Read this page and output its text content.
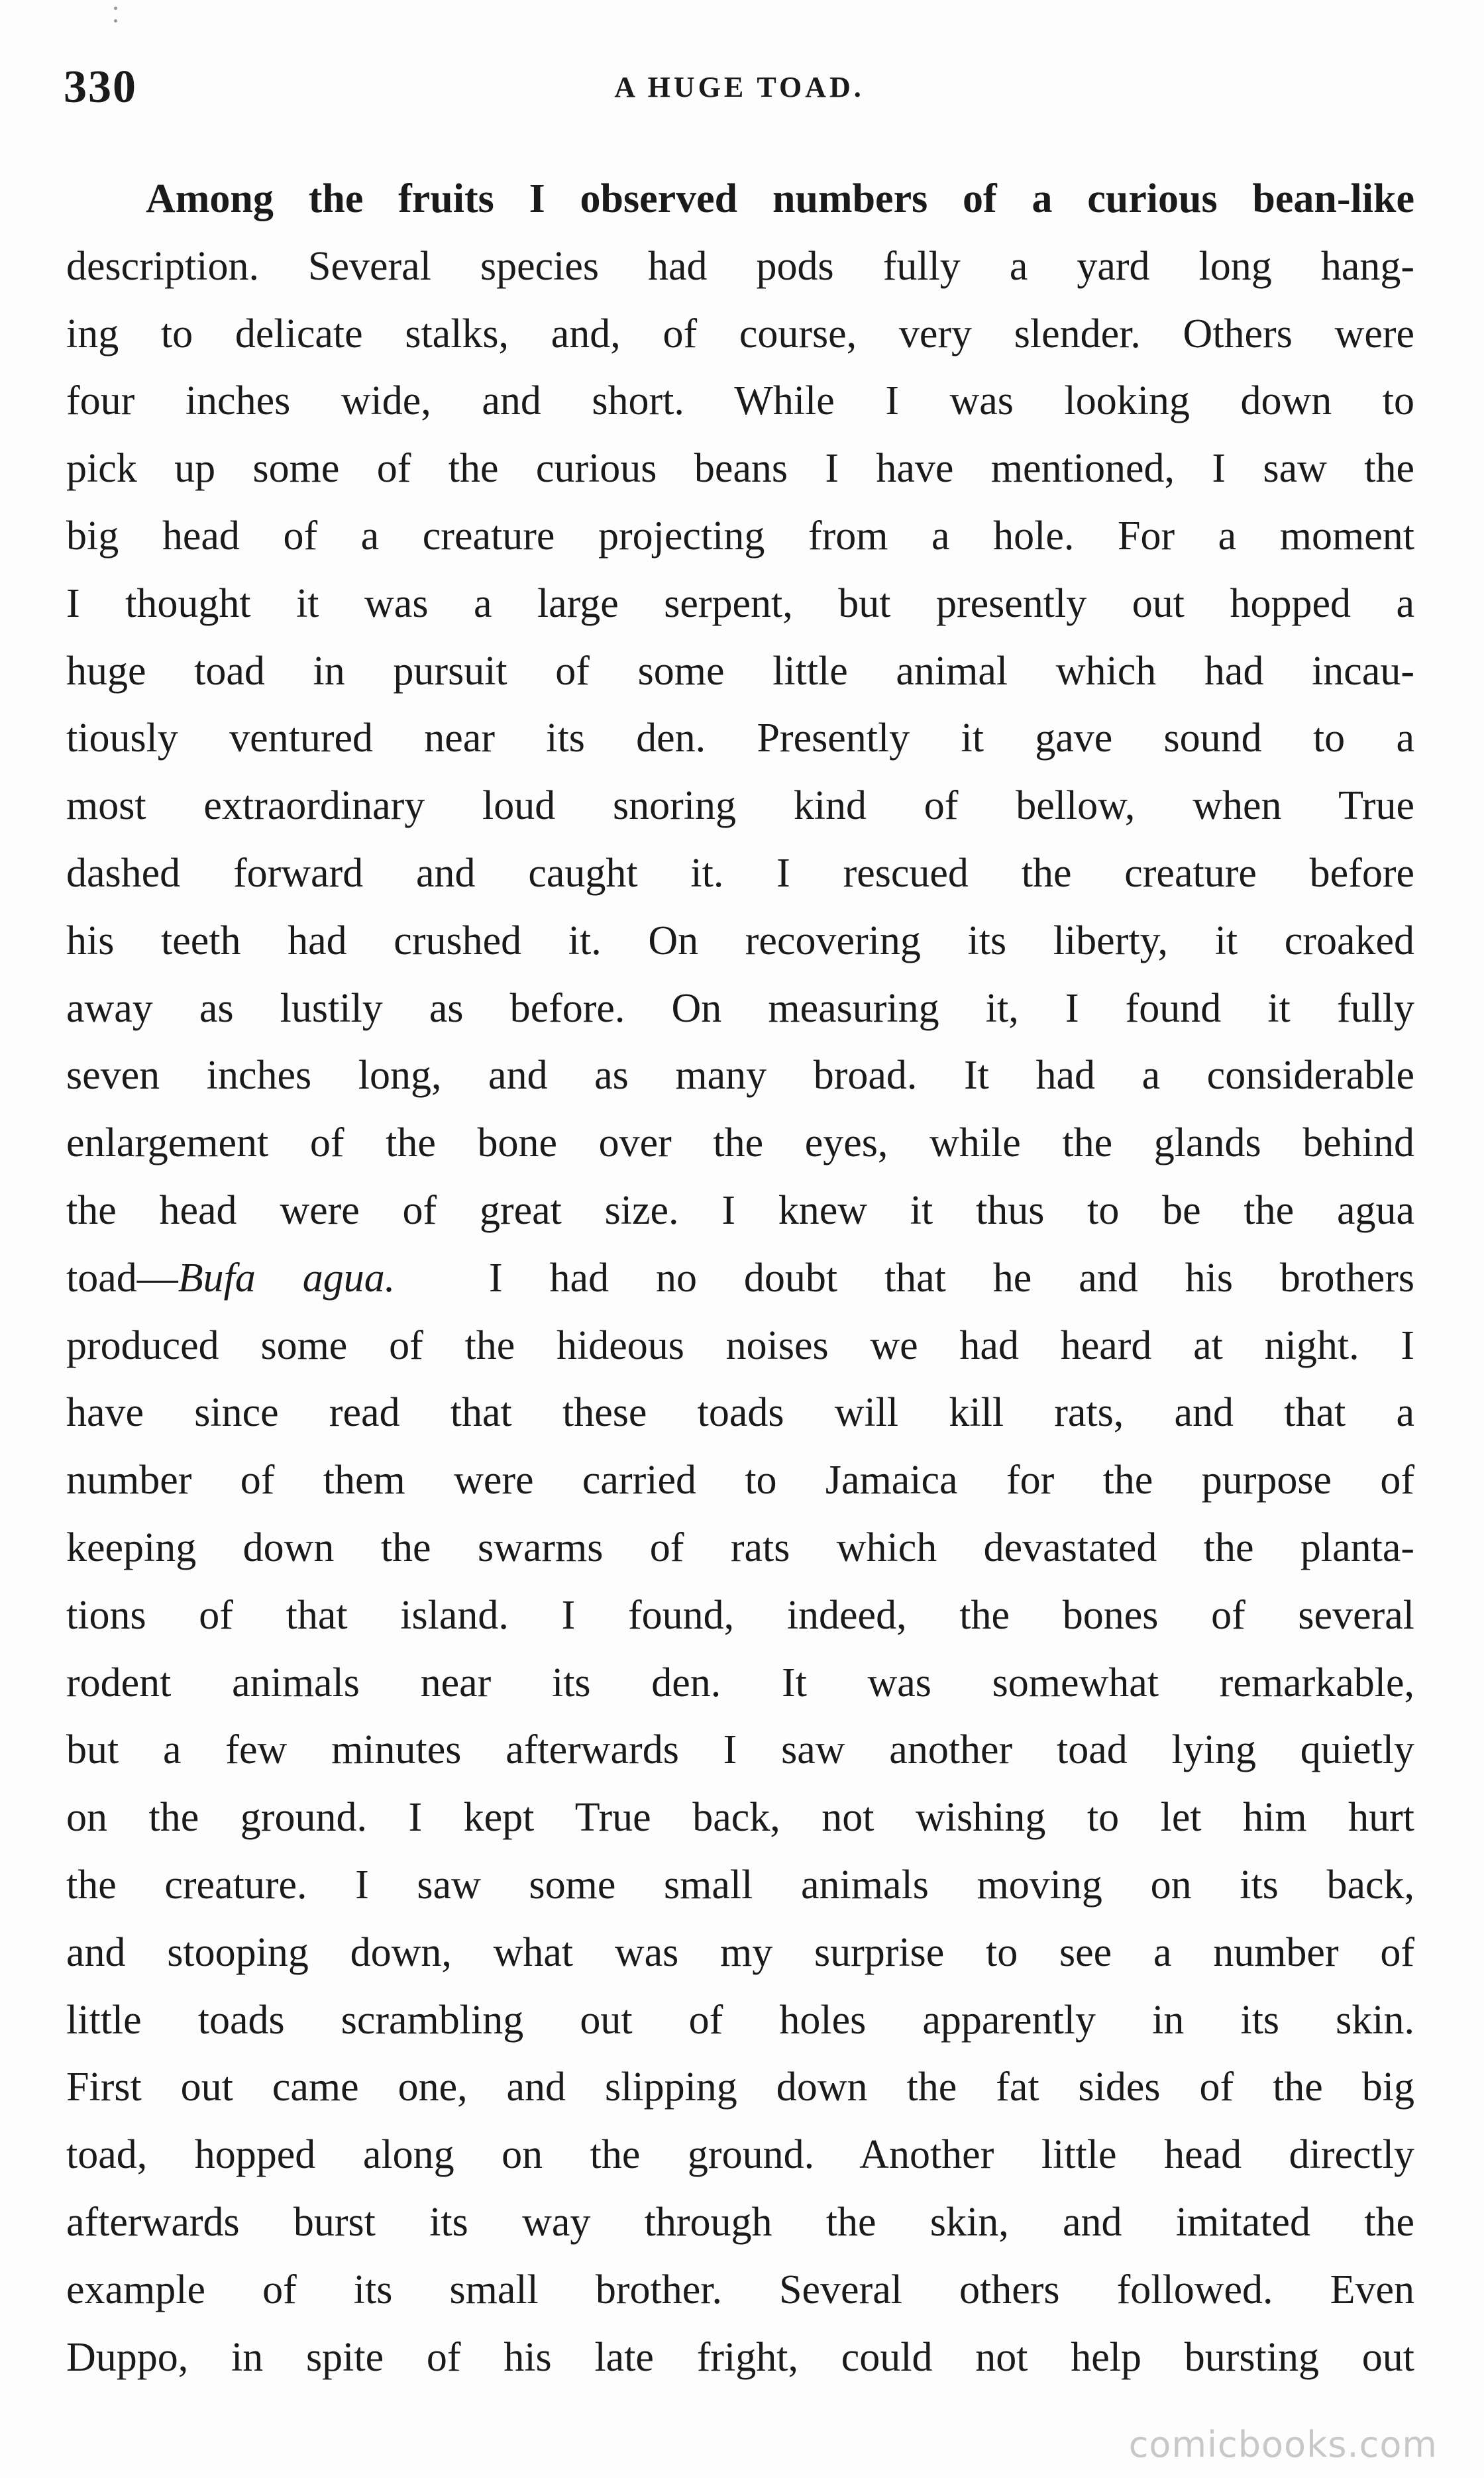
330	A HUGE TOAD.
Among the fruits I observed numbers of a curious bean-like
description. Several species had pods fully a yard long hang-
ing to delicate stalks, and, of course, very slender. Others were
four inches wide, and short. While I was looking down to
pick up some of the curious beans I have mentioned, I saw the
big head of a creature projecting from a hole. For a moment
I thought it was a large serpent, but presently out hopped a
huge toad in pursuit of some little animal which had incau-
tiously ventured near its den. Presently it gave sound to a
most extraordinary loud snoring kind of bellow, when True
dashed forward and caught it. I rescued the creature before
his teeth had crushed it. On recovering its liberty, it croaked
away as lustily as before. On measuring it, I found it fully
seven inches long, and as many broad. It had a considerable
enlargement of the bone over the eyes, while the glands behind
the head were of great size. I knew it thus to be the agua
toad—Bufa agua. I had no doubt that he and his brothers
produced some of the hideous noises we had heard at night. I
have since read that these toads will kill rats, and that a
number of them were carried to Jamaica for the purpose of
keeping down the swarms of rats which devastated the planta-
tions of that island. I found, indeed, the bones of several
rodent animals near its den. It was somewhat remarkable,
but a few minutes afterwards I saw another toad lying quietly
on the ground. I kept True back, not wishing to let him hurt
the creature. I saw some small animals moving on its back,
and stooping down, what was my surprise to see a number of
little toads scrambling out of holes apparently in its skin.
First out came one, and slipping down the fat sides of the big
toad, hopped along on the ground. Another little head directly
afterwards burst its way through the skin, and imitated the
example of its small brother. Several others followed. Even
Duppo, in spite of his late fright, could not help bursting out
comicbooks.com
